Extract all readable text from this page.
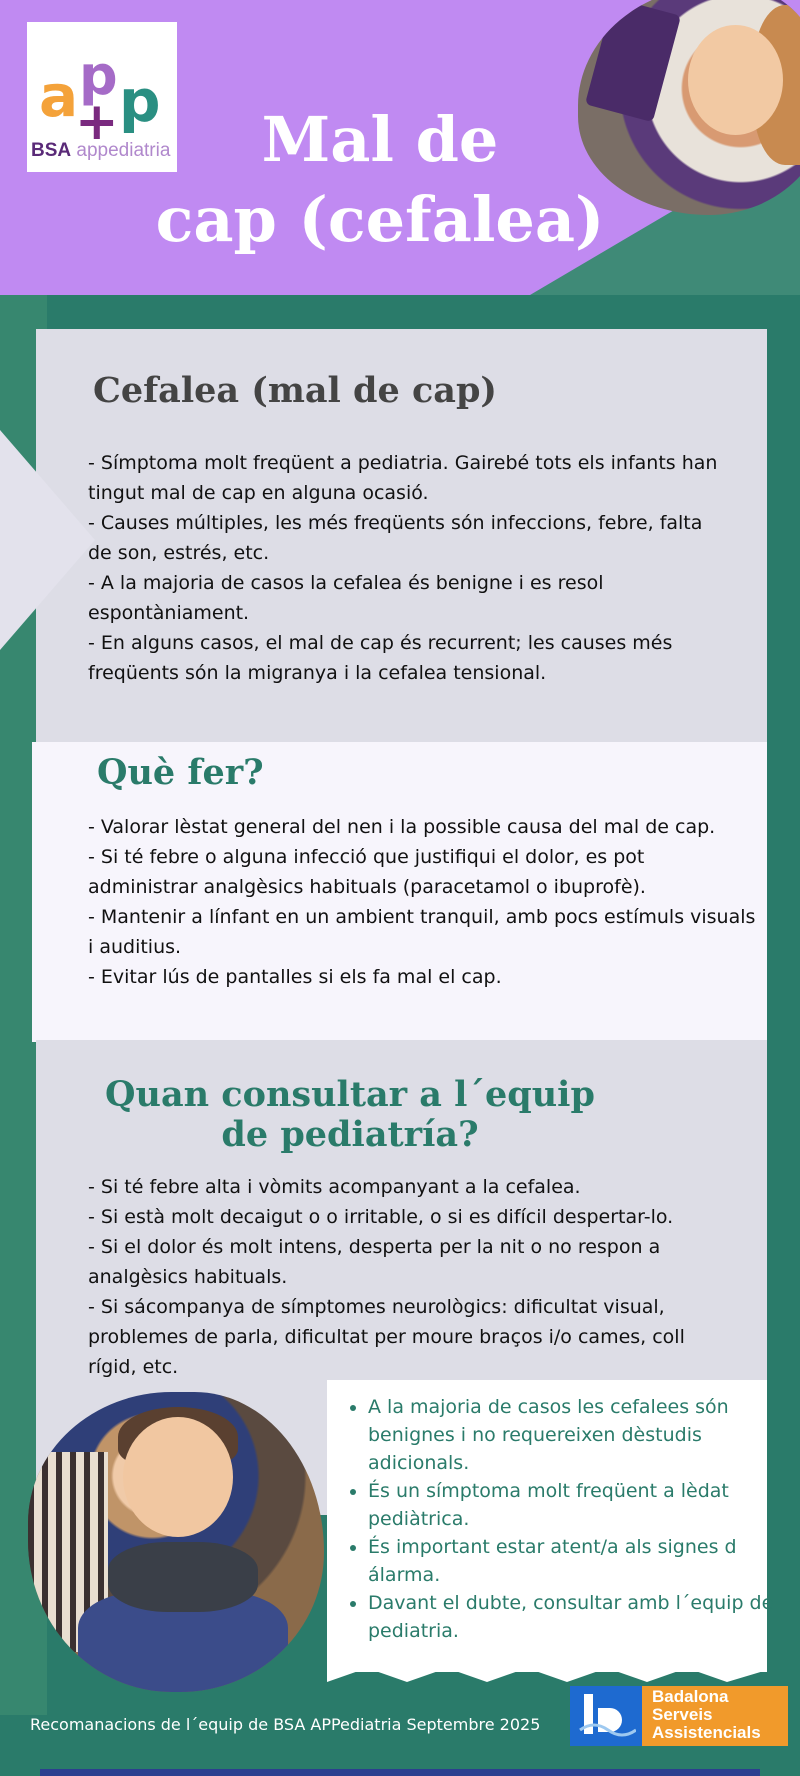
a p p
+
BSA appediatria	Mal de
cap (cefalea)
Cefalea (mal de cap)
- Símptoma molt freqüent a pediatria. Gairebé tots els infants han tingut mal de cap en alguna ocasió.
- Causes múltiples, les més freqüents són infeccions, febre, falta de son, estrés, etc.
- A la majoria de casos la cefalea és benigne i es resol espontàniament.
- En alguns casos, el mal de cap és recurrent; les causes més freqüents són la migranya i la cefalea tensional.
Què fer?
- Valorar lèstat general del nen i la possible causa del mal de cap.
- Si té febre o alguna infecció que justifiqui el dolor, es pot administrar analgèsics habituals (paracetamol o ibuprofè).
- Mantenir a línfant en un ambient tranquil, amb pocs estímuls visuals i auditius.
- Evitar lús de pantalles si els fa mal el cap.
Quan consultar a l´equip
de pediatría?
- Si té febre alta i vòmits acompanyant a la cefalea.
- Si està molt decaigut o o irritable, o si es difícil despertar-lo.
- Si el dolor és molt intens, desperta per la nit o no respon a analgèsics habituals.
- Si sácompanya de símptomes neurològics: dificultat visual, problemes de parla, dificultat per moure braços i/o cames, coll rígid, etc.
• A la majoria de casos les cefalees són benignes i no requereixen dèstudis adicionals.
• És un símptoma molt freqüent a lèdat pediàtrica.
• És important estar atent/a als signes d álarma.
• Davant el dubte, consultar amb l´equip de pediatria.
Recomanacions de l´equip de BSA APPediatria Septembre 2025
Badalona
Serveis
Assistencials
